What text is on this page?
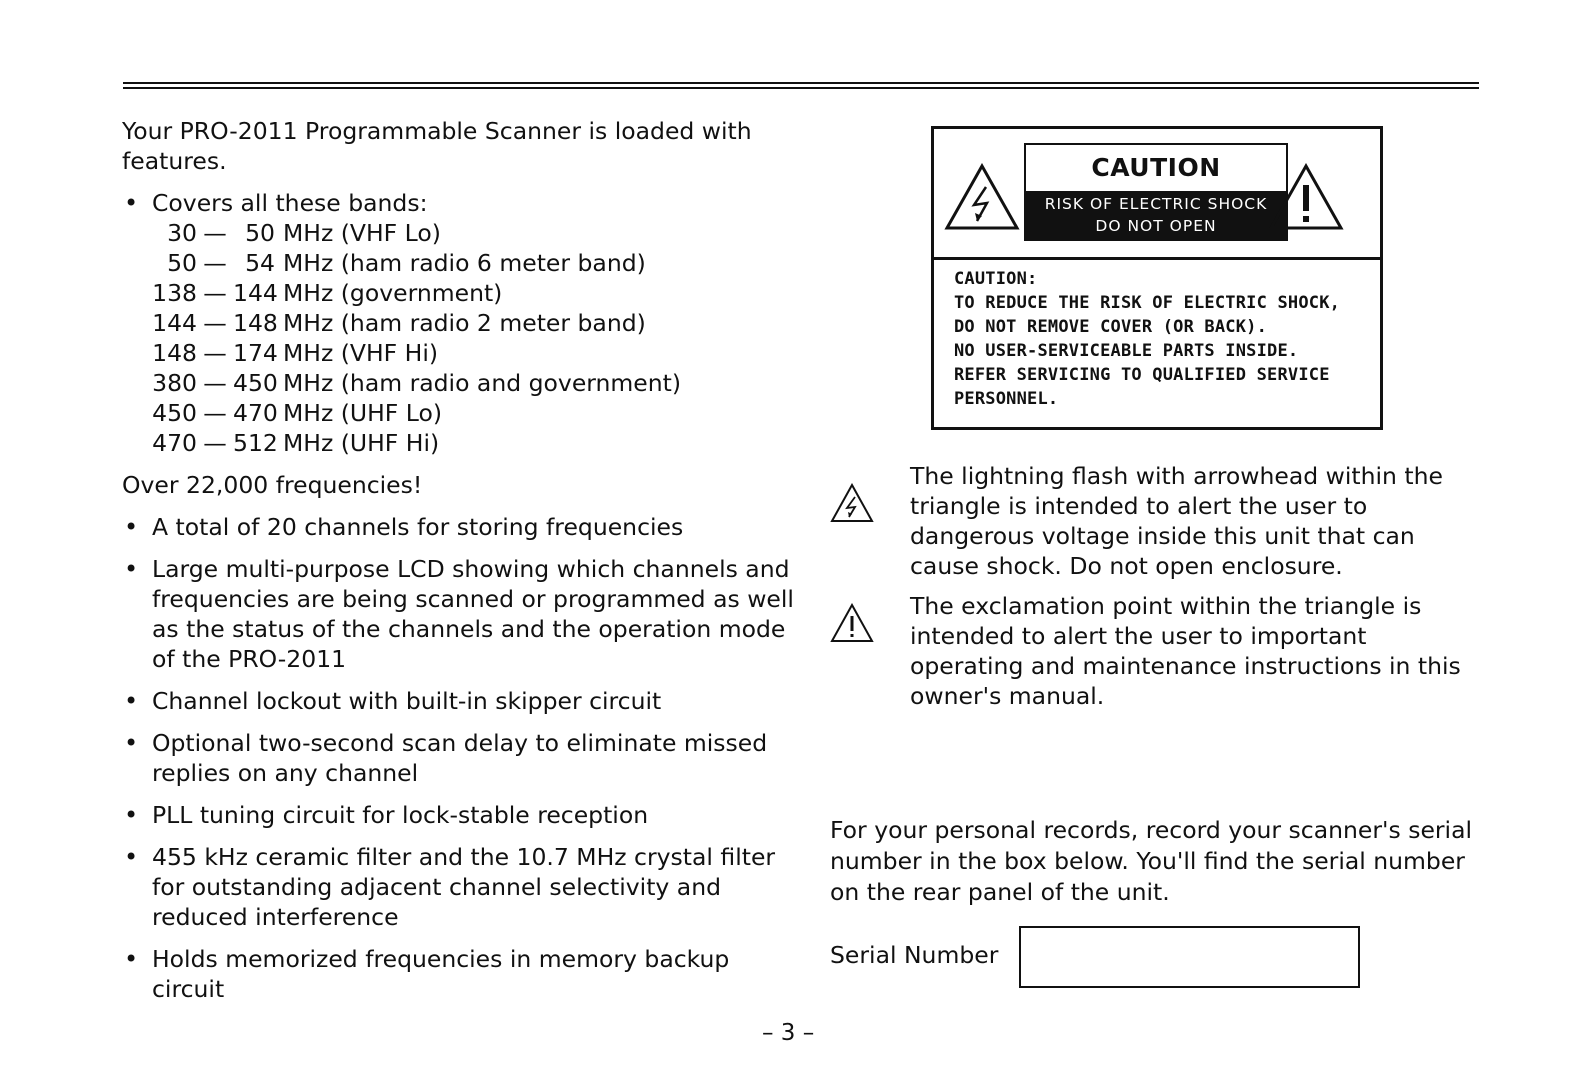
Your PRO-2011 Programmable Scanner is loaded with features.

• Covers all these bands:
30 — 50 MHz (VHF Lo)
50 — 54 MHz (ham radio 6 meter band)
138 — 144 MHz (government)
144 — 148 MHz (ham radio 2 meter band)
148 — 174 MHz (VHF Hi)
380 — 450 MHz (ham radio and government)
450 — 470 MHz (UHF Lo)
470 — 512 MHz (UHF Hi)

Over 22,000 frequencies!

• A total of 20 channels for storing frequencies
• Large multi-purpose LCD showing which channels and frequencies are being scanned or programmed as well as the status of the channels and the operation mode of the PRO-2011
• Channel lockout with built-in skipper circuit
• Optional two-second scan delay to eliminate missed replies on any channel
• PLL tuning circuit for lock-stable reception
• 455 kHz ceramic filter and the 10.7 MHz crystal filter for outstanding adjacent channel selectivity and reduced interference
• Holds memorized frequencies in memory backup circuit
CAUTION
RISK OF ELECTRIC SHOCK
DO NOT OPEN
CAUTION:
TO REDUCE THE RISK OF ELECTRIC SHOCK,
DO NOT REMOVE COVER (OR BACK).
NO USER-SERVICEABLE PARTS INSIDE.
REFER SERVICING TO QUALIFIED SERVICE
PERSONNEL.
The lightning flash with arrowhead within the triangle is intended to alert the user to dangerous voltage inside this unit that can cause shock. Do not open enclosure.
The exclamation point within the triangle is intended to alert the user to important operating and maintenance instructions in this owner's manual.
For your personal records, record your scanner's serial number in the box below. You'll find the serial number on the rear panel of the unit.
Serial Number
– 3 –
